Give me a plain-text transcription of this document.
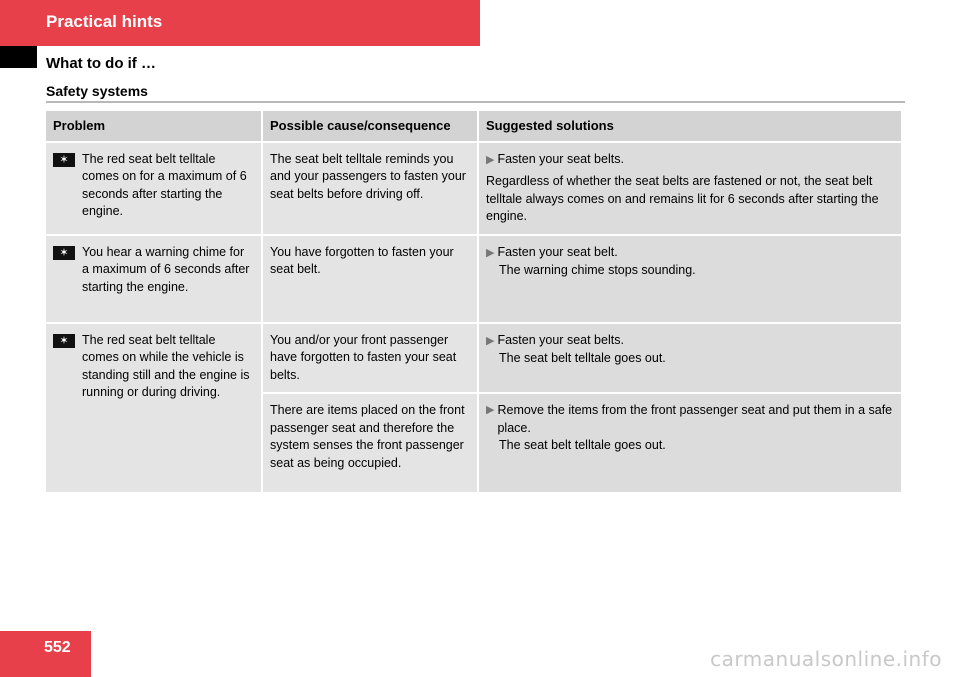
Practical hints
What to do if …
Safety systems
Problem	Possible cause/consequence	Suggested solutions

✶ The red seat belt telltale comes on for a maximum of 6 seconds after starting the engine.	The seat belt telltale reminds you and your passengers to fasten your seat belts before driving off.	▶ Fasten your seat belts.
Regardless of whether the seat belts are fastened or not, the seat belt telltale always comes on and remains lit for 6 seconds after starting the engine.

✶ You hear a warning chime for a maximum of 6 seconds after starting the engine.	You have forgotten to fasten your seat belt.	▶ Fasten your seat belt.
The warning chime stops sounding.

✶ The red seat belt telltale comes on while the vehicle is standing still and the engine is running or during driving.	You and/or your front passenger have forgotten to fasten your seat belts.	▶ Fasten your seat belts.
The seat belt telltale goes out.

	There are items placed on the front passenger seat and therefore the system senses the front passenger seat as being occupied.	▶ Remove the items from the front passenger seat and put them in a safe place.
The seat belt telltale goes out.
552	carmanualsonline.info
